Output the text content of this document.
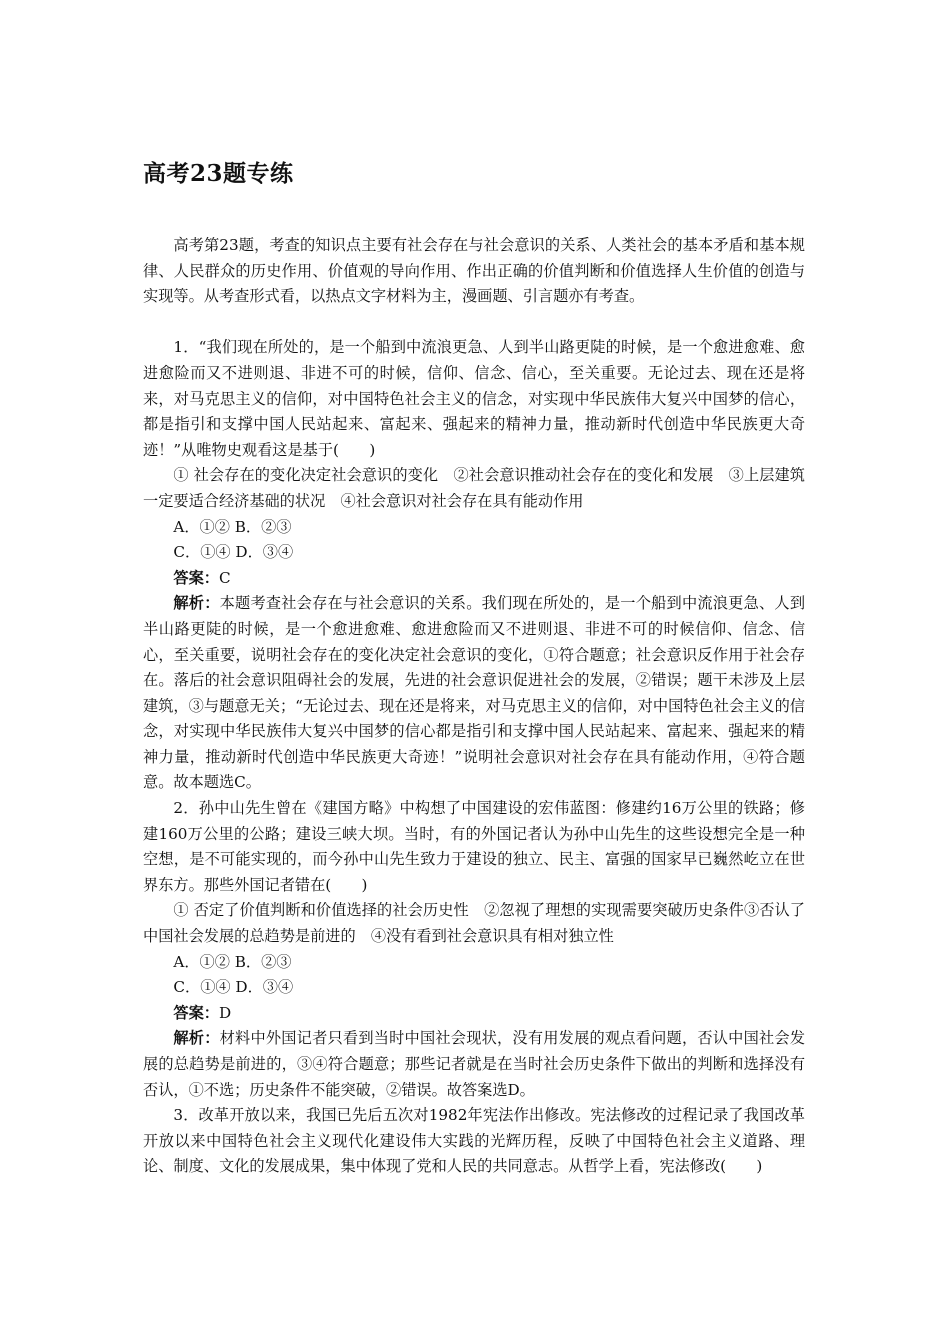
高考23题专练

高考第23题，考查的知识点主要有社会存在与社会意识的关系、人类社会的基本矛盾和基本规律、人民群众的历史作用、价值观的导向作用、作出正确的价值判断和价值选择人生价值的创造与实现等。从考查形式看，以热点文字材料为主，漫画题、引言题亦有考查。

1．“我们现在所处的，是一个船到中流浪更急、人到半山路更陡的时候，是一个愈进愈难、愈进愈险而又不进则退、非进不可的时候，信仰、信念、信心，至关重要。无论过去、现在还是将来，对马克思主义的信仰，对中国特色社会主义的信念，对实现中华民族伟大复兴中国梦的信心，都是指引和支撑中国人民站起来、富起来、强起来的精神力量，推动新时代创造中华民族更大奇迹！”从唯物史观看这是基于(　　)

① 社会存在的变化决定社会意识的变化　②社会意识推动社会存在的变化和发展　③上层建筑一定要适合经济基础的状况　④社会意识对社会存在具有能动作用

A．①② B．②③

C．①④ D．③④

答案：C

解析：本题考查社会存在与社会意识的关系。我们现在所处的，是一个船到中流浪更急、人到半山路更陡的时候，是一个愈进愈难、愈进愈险而又不进则退、非进不可的时候信仰、信念、信心，至关重要，说明社会存在的变化决定社会意识的变化，①符合题意；社会意识反作用于社会存在。落后的社会意识阻碍社会的发展，先进的社会意识促进社会的发展，②错误；题干未涉及上层建筑，③与题意无关；“无论过去、现在还是将来，对马克思主义的信仰，对中国特色社会主义的信念，对实现中华民族伟大复兴中国梦的信心都是指引和支撑中国人民站起来、富起来、强起来的精神力量，推动新时代创造中华民族更大奇迹！”说明社会意识对社会存在具有能动作用，④符合题意。故本题选C。

2．孙中山先生曾在《建国方略》中构想了中国建设的宏伟蓝图：修建约16万公里的铁路；修建160万公里的公路；建设三峡大坝。当时，有的外国记者认为孙中山先生的这些设想完全是一种空想，是不可能实现的，而今孙中山先生致力于建设的独立、民主、富强的国家早已巍然屹立在世界东方。那些外国记者错在(　　)

① 否定了价值判断和价值选择的社会历史性　②忽视了理想的实现需要突破历史条件③否认了中国社会发展的总趋势是前进的　④没有看到社会意识具有相对独立性

A．①② B．②③

C．①④ D．③④

答案：D

解析：材料中外国记者只看到当时中国社会现状，没有用发展的观点看问题，否认中国社会发展的总趋势是前进的，③④符合题意；那些记者就是在当时社会历史条件下做出的判断和选择没有否认，①不选；历史条件不能突破，②错误。故答案选D。

3．改革开放以来，我国已先后五次对1982年宪法作出修改。宪法修改的过程记录了我国改革开放以来中国特色社会主义现代化建设伟大实践的光辉历程，反映了中国特色社会主义道路、理论、制度、文化的发展成果，集中体现了党和人民的共同意志。从哲学上看，宪法修改(　　)
